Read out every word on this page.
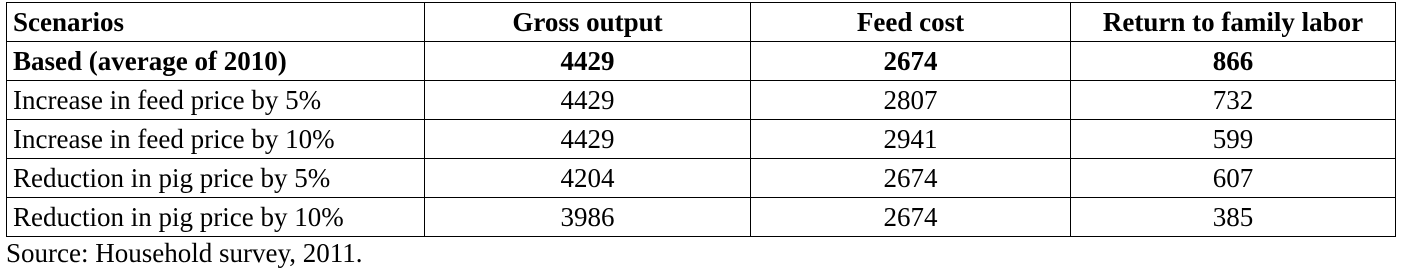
Scenarios	Gross output	Feed cost	Return to family labor
Based (average of 2010)	4429	2674	866
Increase in feed price by 5%	4429	2807	732
Increase in feed price by 10%	4429	2941	599
Reduction in pig price by 5%	4204	2674	607
Reduction in pig price by 10%	3986	2674	385
Source: Household survey, 2011.
